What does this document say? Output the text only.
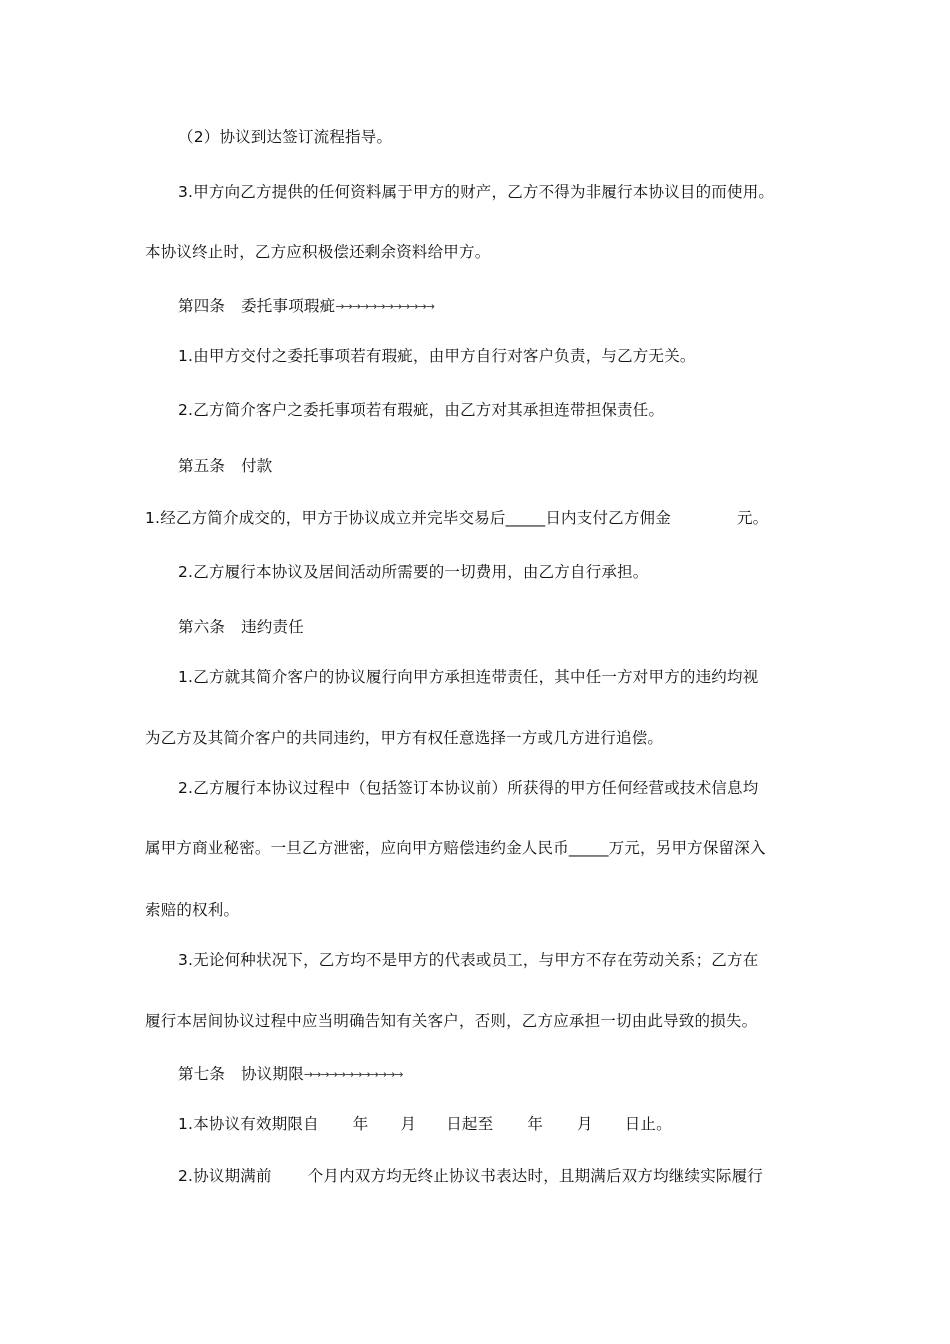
（2）协议到达签订流程指导。
3.甲方向乙方提供的任何资料属于甲方的财产，乙方不得为非履行本协议目的而使用。
本协议终止时，乙方应积极偿还剩余资料给甲方。
第四条 委托事项瑕疵→→→→→→→→→→→→
1.由甲方交付之委托事项若有瑕疵，由甲方自行对客户负责，与乙方无关。
2.乙方简介客户之委托事项若有瑕疵，由乙方对其承担连带担保责任。
第五条 付款
1.经乙方简介成交的，甲方于协议成立并完毕交易后_____日内支付乙方佣金	元。
2.乙方履行本协议及居间活动所需要的一切费用，由乙方自行承担。
第六条 违约责任
1.乙方就其简介客户的协议履行向甲方承担连带责任，其中任一方对甲方的违约均视
为乙方及其简介客户的共同违约，甲方有权任意选择一方或几方进行追偿。
2.乙方履行本协议过程中（包括签订本协议前）所获得的甲方任何经营或技术信息均
属甲方商业秘密。一旦乙方泄密，应向甲方赔偿违约金人民币_____万元，另甲方保留深入
索赔的权利。
3.无论何种状况下，乙方均不是甲方的代表或员工，与甲方不存在劳动关系；乙方在
履行本居间协议过程中应当明确告知有关客户，否则，乙方应承担一切由此导致的损失。
第七条 协议期限→→→→→→→→→→→→
1.本协议有效期限自 年 月 日起至 年 月 日止。
2.协议期满前 个月内双方均无终止协议书表达时，且期满后双方均继续实际履行
